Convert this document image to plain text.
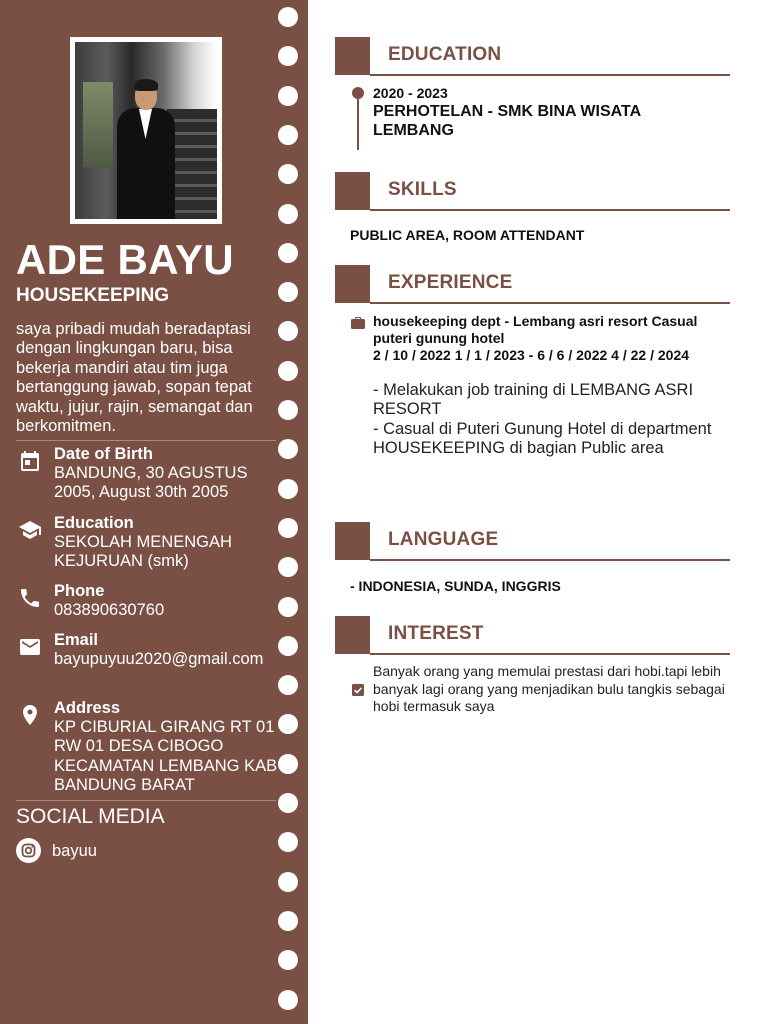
ADE BAYU
HOUSEKEEPING
saya pribadi mudah beradaptasi dengan lingkungan baru, bisa bekerja mandiri atau tim juga bertanggung jawab, sopan tepat waktu, jujur, rajin, semangat dan berkomitmen.
Date of Birth
BANDUNG, 30 AGUSTUS 2005, August 30th 2005
Education
SEKOLAH MENENGAH KEJURUAN (smk)
Phone
083890630760
Email
bayupuyuu2020@gmail.com
Address
KP CIBURIAL GIRANG RT 01 RW 01 DESA CIBOGO KECAMATAN LEMBANG KAB BANDUNG BARAT
SOCIAL MEDIA
bayuu
EDUCATION
2020 - 2023
PERHOTELAN - SMK BINA WISATA LEMBANG
SKILLS
PUBLIC AREA, ROOM ATTENDANT
EXPERIENCE
housekeeping dept - Lembang asri resort Casual puteri gunung hotel
2 / 10 / 2022 1 / 1 / 2023 - 6 / 6 / 2022 4 / 22 / 2024
- Melakukan job training di LEMBANG ASRI RESORT
- Casual di Puteri Gunung Hotel di department HOUSEKEEPING di bagian Public area
LANGUAGE
- INDONESIA, SUNDA, INGGRIS
INTEREST
Banyak orang yang memulai prestasi dari hobi.tapi lebih banyak lagi orang yang menjadikan bulu tangkis sebagai hobi termasuk saya
